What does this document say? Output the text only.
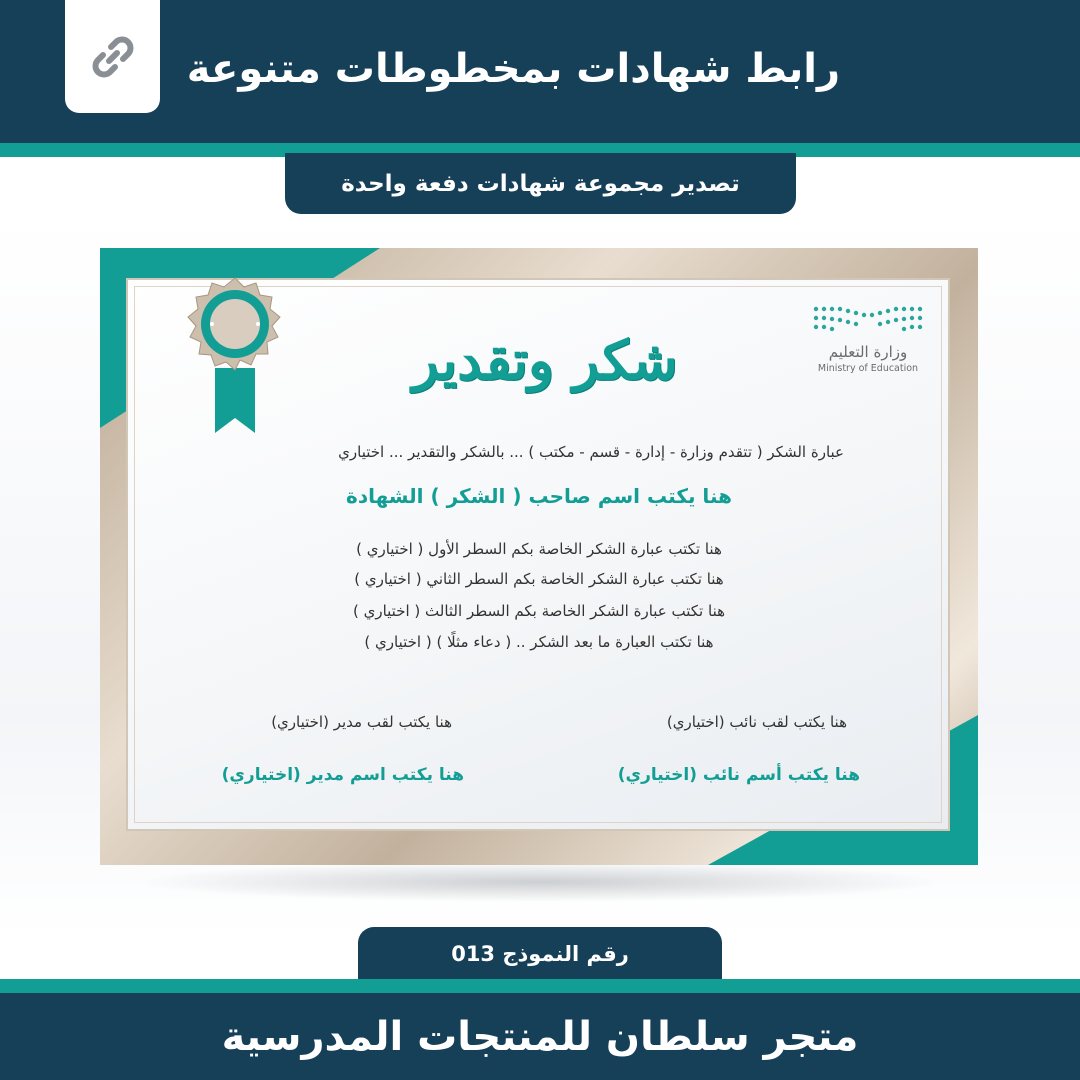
رابط شهادات بمخطوطات متنوعة
تصدير مجموعة شهادات دفعة واحدة
وزارة التعليم
Ministry of Education
شكر وتقدير

عبارة الشكر ( تتقدم وزارة - إدارة - قسم - مكتب ) ... بالشكر والتقدير ... اختياري

هنا يكتب اسم صاحب ( الشكر ) الشهادة

هنا تكتب عبارة الشكر الخاصة بكم السطر الأول ( اختياري )

هنا تكتب عبارة الشكر الخاصة بكم السطر الثاني ( اختياري )

هنا تكتب عبارة الشكر الخاصة بكم السطر الثالث ( اختياري )

هنا تكتب العبارة ما بعد الشكر .. ( دعاء مثلًا ) ( اختياري )

هنا يكتب لقب نائب (اختياري)

هنا يكتب أسم نائب (اختياري)

هنا يكتب لقب مدير (اختياري)

هنا يكتب اسم مدير (اختياري)

رقم النموذج 013
متجر سلطان للمنتجات المدرسية
